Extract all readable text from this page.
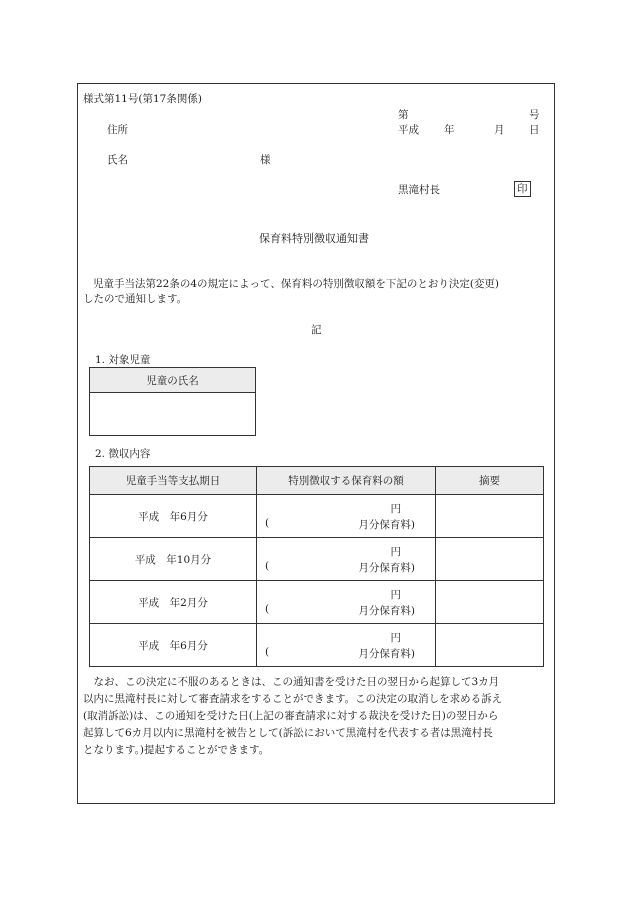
様式第11号(第17条関係)
第	号
住所	平成 年	月 日
氏名	様
黒滝村長	印
保育料特別徴収通知書
児童手当法第22条の4の規定によって、保育料の特別徴収額を下記のとおり決定(変更)
したので通知します。
記
1. 対象児童
児童の氏名

2. 徴収内容
児童手当等支払期日	特別徴収する保育料の額	摘要
平成　年6月分	円
( 月分保育料)	

平成　年10月分	円
( 月分保育料)	

平成　年2月分	円
( 月分保育料)	

平成　年6月分	円
( 月分保育料)	

　なお、この決定に不服のあるときは、この通知書を受けた日の翌日から起算して3カ月
以内に黒滝村長に対して審査請求をすることができます。この決定の取消しを求める訴え
(取消訴訟)は、この通知を受けた日(上記の審査請求に対する裁決を受けた日)の翌日から
起算して6カ月以内に黒滝村を被告として(訴訟において黒滝村を代表する者は黒滝村長
となります。)提起することができます。
